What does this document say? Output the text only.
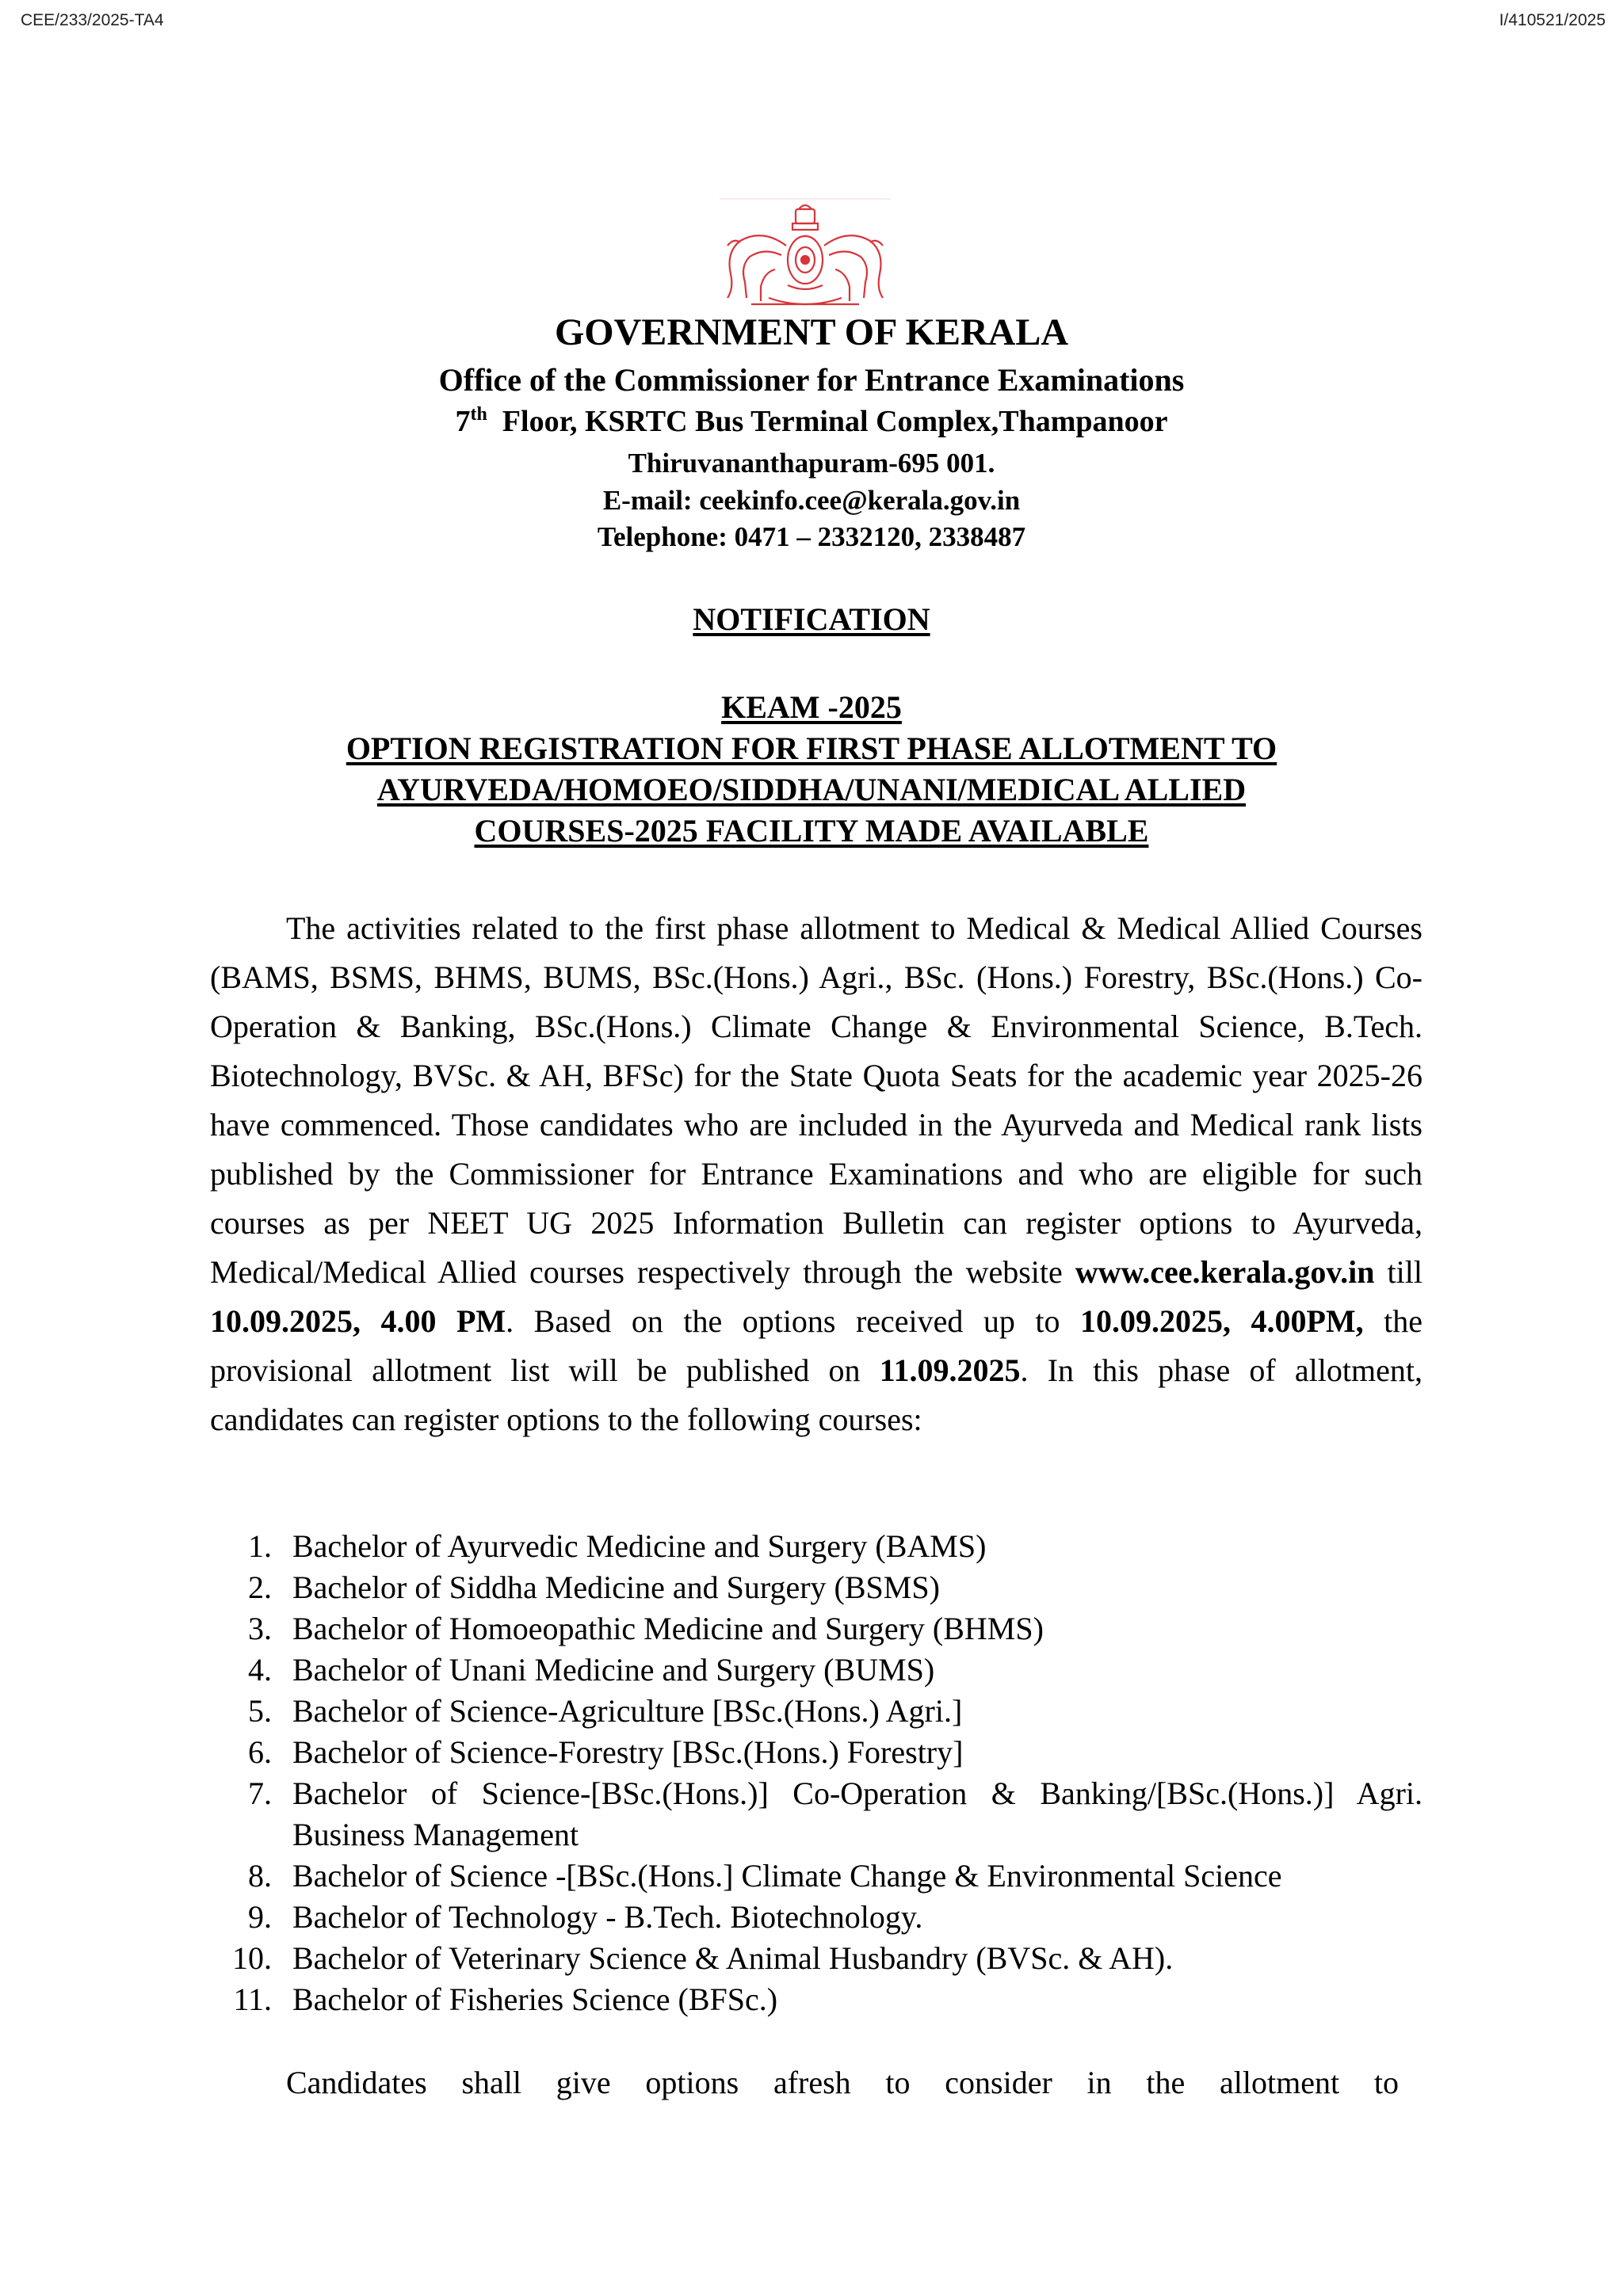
CEE/233/2025-TA4	I/410521/2025
GOVERNMENT OF KERALA
Office of the Commissioner for Entrance Examinations
7th Floor, KSRTC Bus Terminal Complex,Thampanoor
Thiruvananthapuram-695 001.
E-mail: ceekinfo.cee@kerala.gov.in
Telephone: 0471 – 2332120, 2338487
NOTIFICATION
KEAM -2025
OPTION REGISTRATION FOR FIRST PHASE ALLOTMENT TO
AYURVEDA/HOMOEO/SIDDHA/UNANI/MEDICAL ALLIED
COURSES-2025 FACILITY MADE AVAILABLE
The activities related to the first phase allotment to Medical & Medical Allied Courses (BAMS, BSMS, BHMS, BUMS, BSc.(Hons.) Agri., BSc. (Hons.) Forestry, BSc.(Hons.) Co-Operation & Banking, BSc.(Hons.) Climate Change & Environmental Science, B.Tech. Biotechnology, BVSc. & AH, BFSc) for the State Quota Seats for the academic year 2025-26 have commenced. Those candidates who are included in the Ayurveda and Medical rank lists published by the Commissioner for Entrance Examinations and who are eligible for such courses as per NEET UG 2025 Information Bulletin can register options to Ayurveda, Medical/Medical Allied courses respectively through the website www.cee.kerala.gov.in till 10.09.2025, 4.00 PM. Based on the options received up to 10.09.2025, 4.00PM, the provisional allotment list will be published on 11.09.2025. In this phase of allotment, candidates can register options to the following courses:
1. Bachelor of Ayurvedic Medicine and Surgery (BAMS)
2. Bachelor of Siddha Medicine and Surgery (BSMS)
3. Bachelor of Homoeopathic Medicine and Surgery (BHMS)
4. Bachelor of Unani Medicine and Surgery (BUMS)
5. Bachelor of Science-Agriculture [BSc.(Hons.) Agri.]
6. Bachelor of Science-Forestry [BSc.(Hons.) Forestry]
7. Bachelor of Science-[BSc.(Hons.)] Co-Operation & Banking/[BSc.(Hons.)] Agri. Business Management
8. Bachelor of Science -[BSc.(Hons.] Climate Change & Environmental Science
9. Bachelor of Technology - B.Tech. Biotechnology.
10. Bachelor of Veterinary Science & Animal Husbandry (BVSc. & AH).
11. Bachelor of Fisheries Science (BFSc.)
Candidates shall give options afresh to consider in the allotment to
